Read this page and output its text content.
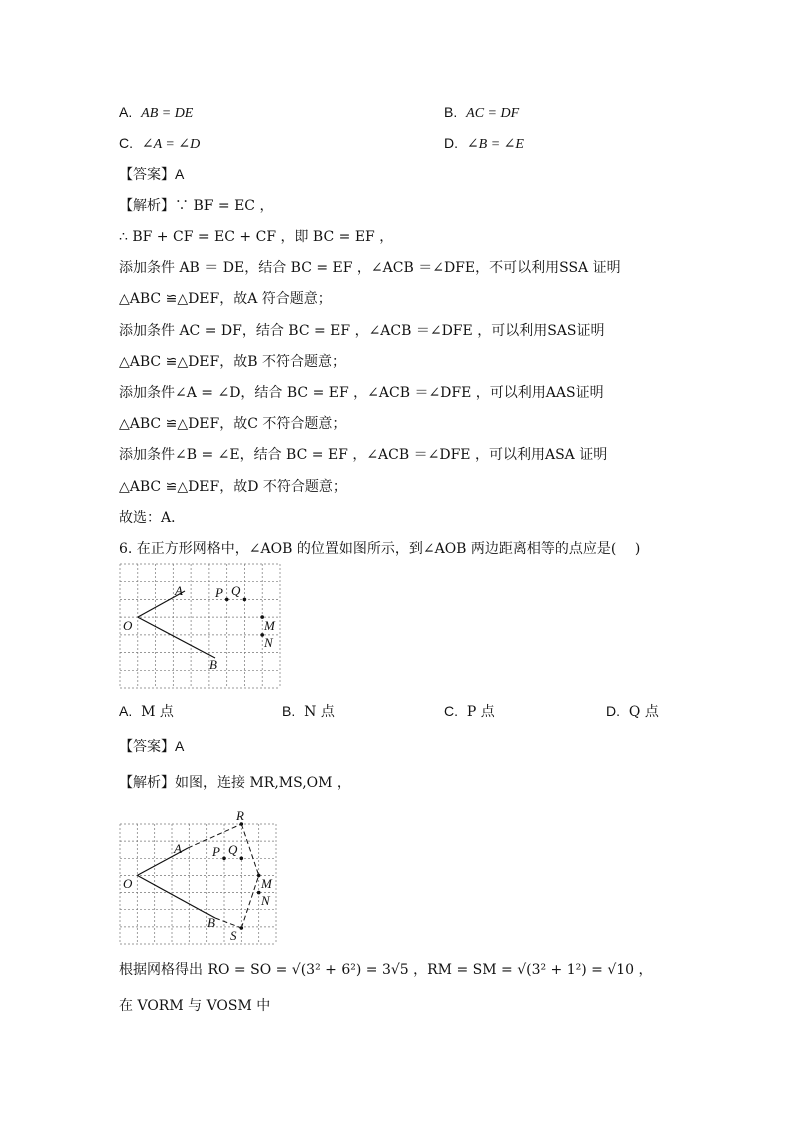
A. AB = DE	B. AC = DF
C. ∠A = ∠D	D. ∠B = ∠E
【答案】A
【解析】∵ BF = EC ，
∴ BF + CF = EC + CF ，即 BC = EF ，
添加条件 AB ＝ DE，结合 BC = EF ，∠ACB ＝∠DFE，不可以利用SSA 证明
△ABC ≌△DEF，故A 符合题意；
添加条件 AC = DF，结合 BC = EF ，∠ACB ＝∠DFE ，可以利用SAS证明
△ABC ≌△DEF，故B 不符合题意；
添加条件∠A = ∠D，结合 BC = EF ，∠ACB ＝∠DFE ，可以利用AAS证明
△ABC ≌△DEF，故C 不符合题意；
添加条件∠B = ∠E，结合 BC = EF ，∠ACB ＝∠DFE ，可以利用ASA 证明
△ABC ≌△DEF，故D 不符合题意；
故选：A．
6. 在正方形网格中，∠AOB 的位置如图所示，到∠AOB 两边距离相等的点应是(　 )
O
A
B
P Q
M
N
A. M 点	B. N 点	C. P 点	D. Q 点
【答案】A
【解析】如图，连接 MR,MS,OM ，
O
A
B
P Q
M
N
R
S
根据网格得出 RO = SO = √(3² + 6²) = 3√5 ，RM = SM = √(3² + 1²) = √10 ，
在 VORM 与 VOSM 中
